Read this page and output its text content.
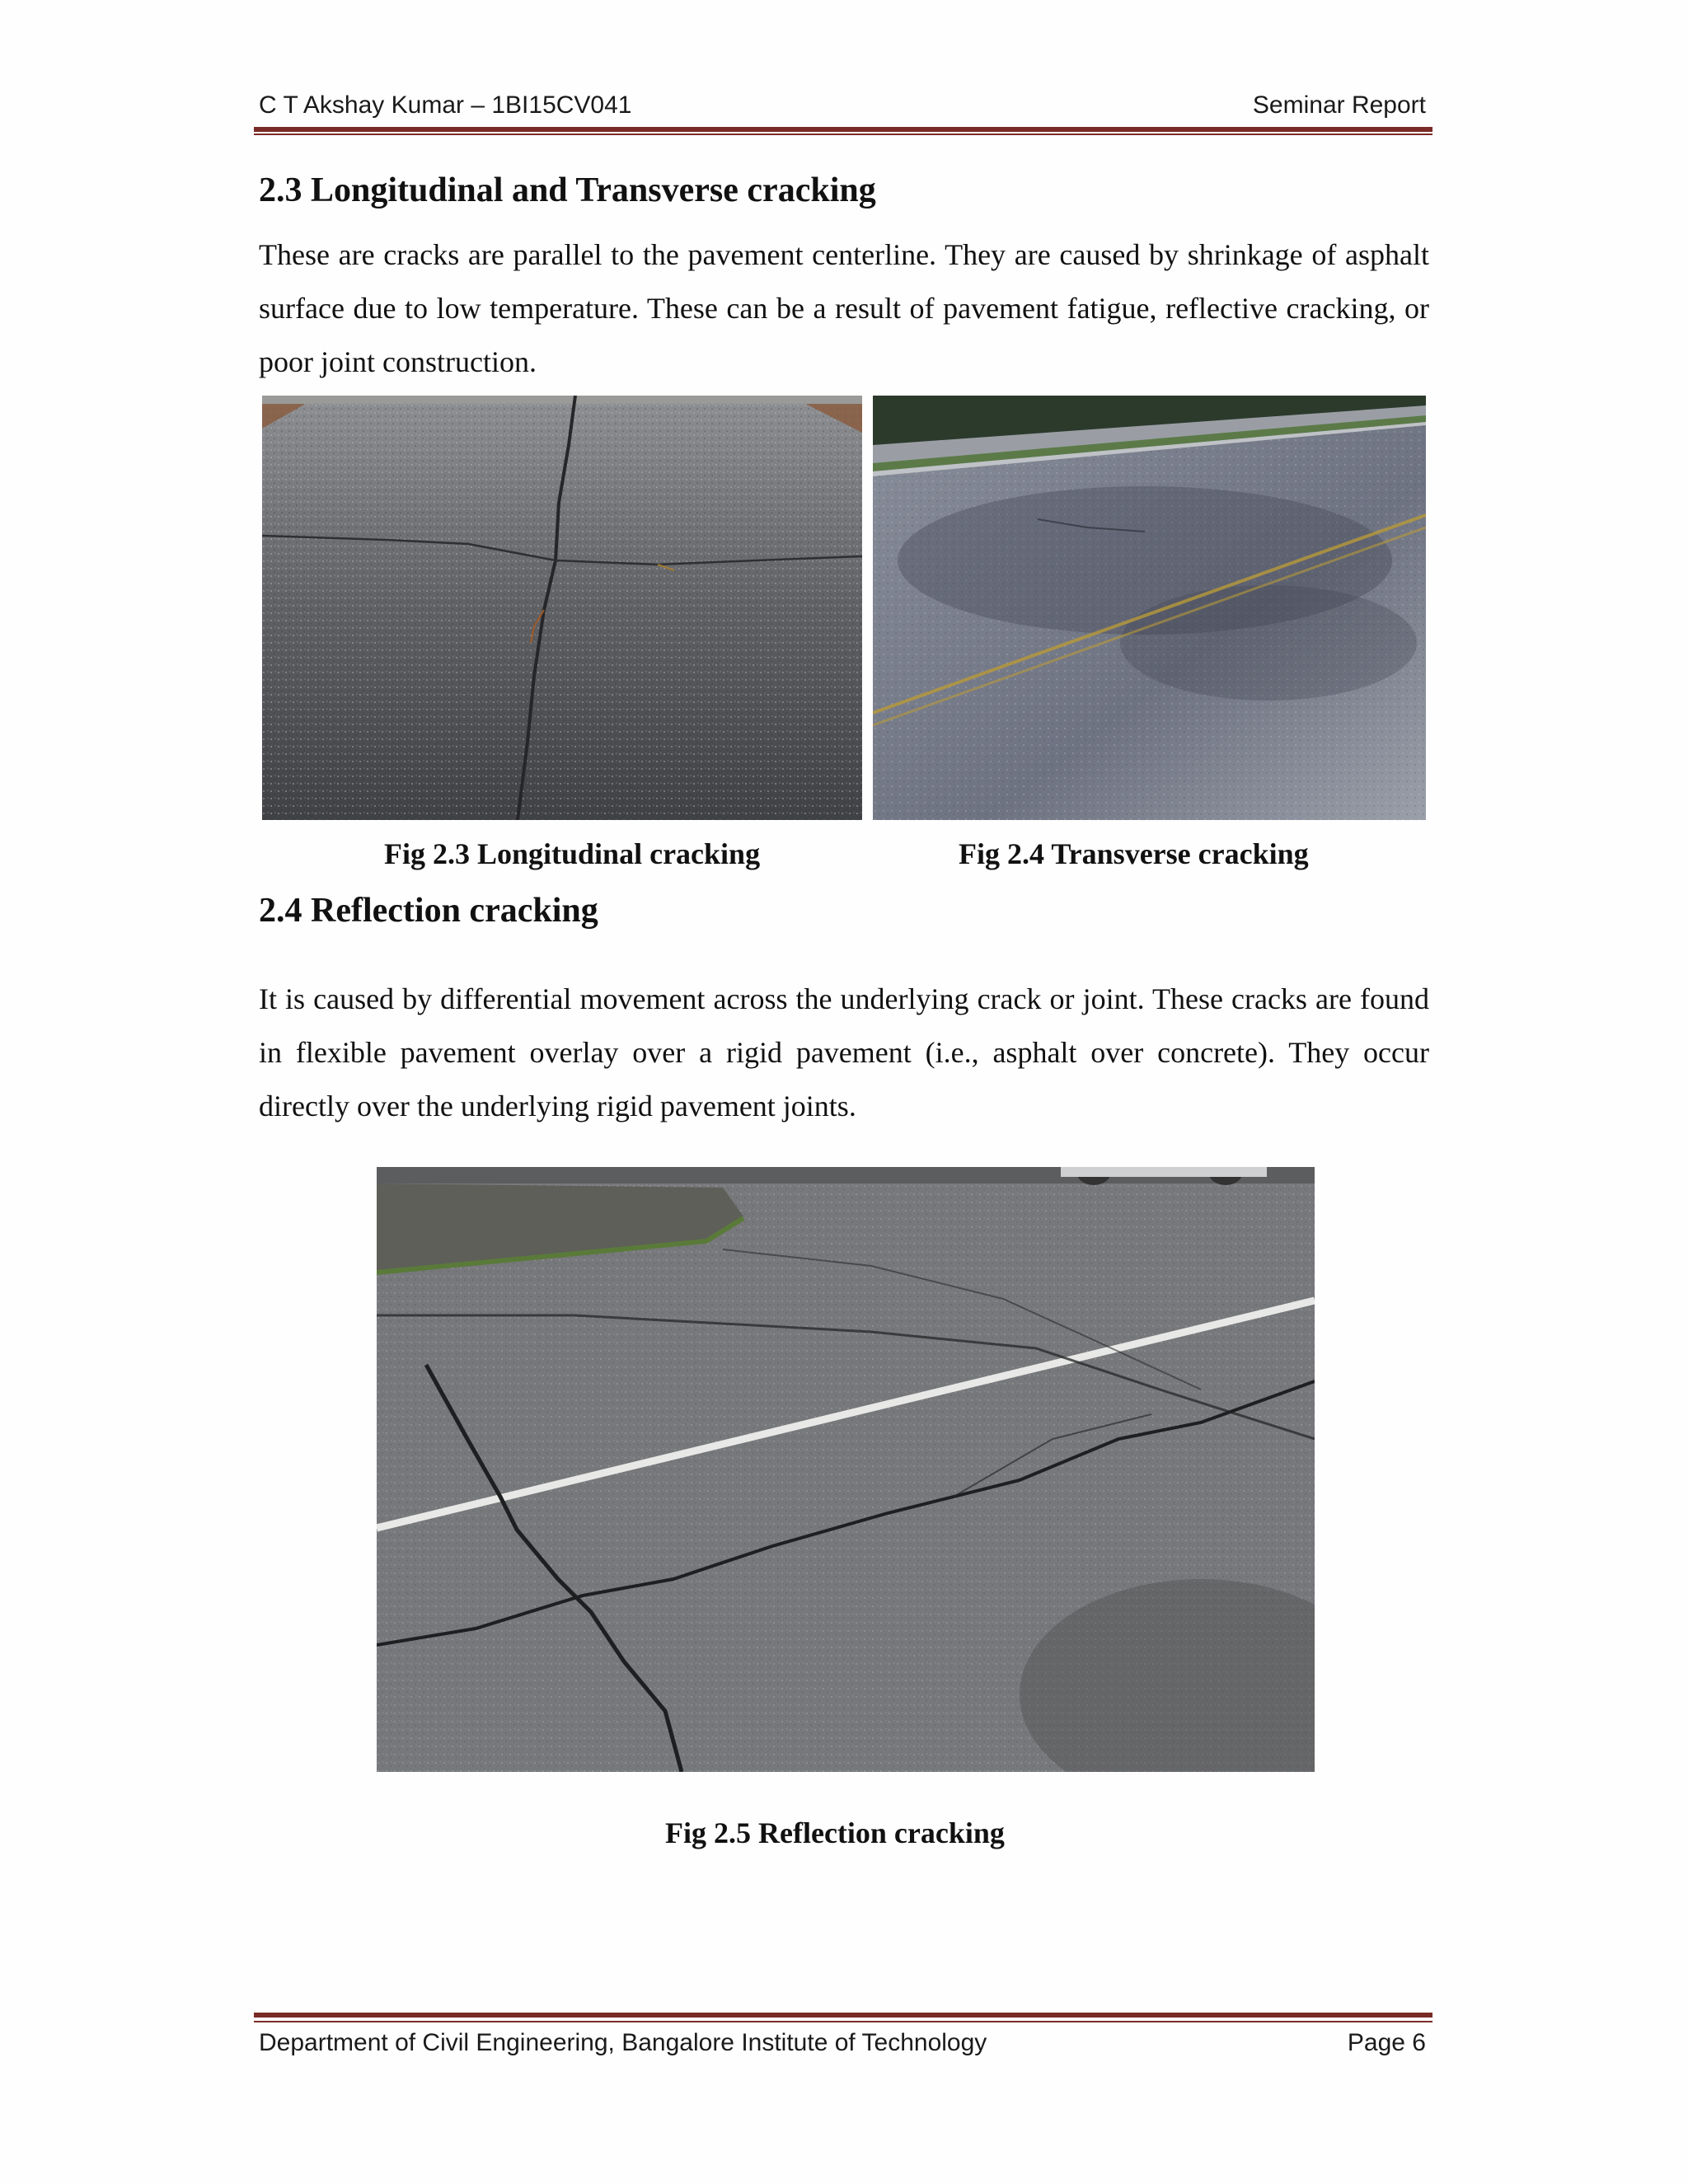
C T Akshay Kumar – 1BI15CV041	Seminar Report
2.3 Longitudinal and Transverse cracking
These are cracks are parallel to the pavement centerline. They are caused by shrinkage of asphalt surface due to low temperature. These can be a result of pavement fatigue, reflective cracking, or poor joint construction.
Fig 2.3 Longitudinal cracking	Fig 2.4 Transverse cracking
2.4 Reflection cracking
It is caused by differential movement across the underlying crack or joint. These cracks are found in flexible pavement overlay over a rigid pavement (i.e., asphalt over concrete). They occur directly over the underlying rigid pavement joints.
Fig 2.5 Reflection cracking
Department of Civil Engineering, Bangalore Institute of Technology	Page 6
